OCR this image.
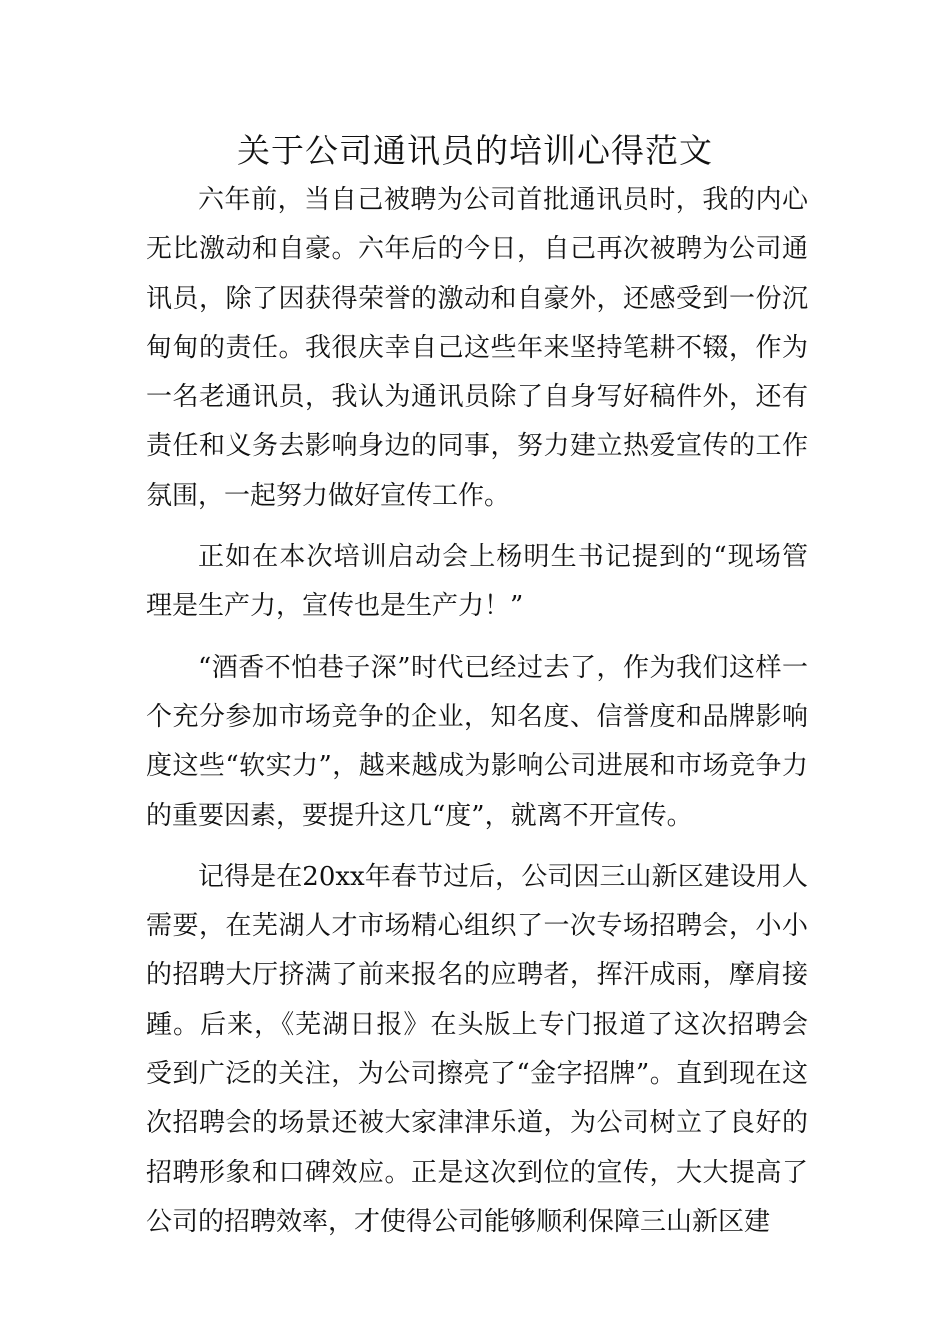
关于公司通讯员的培训心得范文

六年前，当自己被聘为公司首批通讯员时，我的内心无比激动和自豪。六年后的今日，自己再次被聘为公司通讯员，除了因获得荣誉的激动和自豪外，还感受到一份沉甸甸的责任。我很庆幸自己这些年来坚持笔耕不辍，作为一名老通讯员，我认为通讯员除了自身写好稿件外，还有责任和义务去影响身边的同事，努力建立热爱宣传的工作氛围，一起努力做好宣传工作。

正如在本次培训启动会上杨明生书记提到的“现场管理是生产力，宣传也是生产力！”

“酒香不怕巷子深”时代已经过去了，作为我们这样一个充分参加市场竞争的企业，知名度、信誉度和品牌影响度这些“软实力”，越来越成为影响公司进展和市场竞争力的重要因素，要提升这几“度”，就离不开宣传。

记得是在20xx年春节过后，公司因三山新区建设用人需要，在芜湖人才市场精心组织了一次专场招聘会，小小的招聘大厅挤满了前来报名的应聘者，挥汗成雨，摩肩接踵。后来，《芜湖日报》在头版上专门报道了这次招聘会受到广泛的关注，为公司擦亮了“金字招牌”。直到现在这次招聘会的场景还被大家津津乐道，为公司树立了良好的招聘形象和口碑效应。正是这次到位的宣传，大大提高了公司的招聘效率，才使得公司能够顺利保障三山新区建
